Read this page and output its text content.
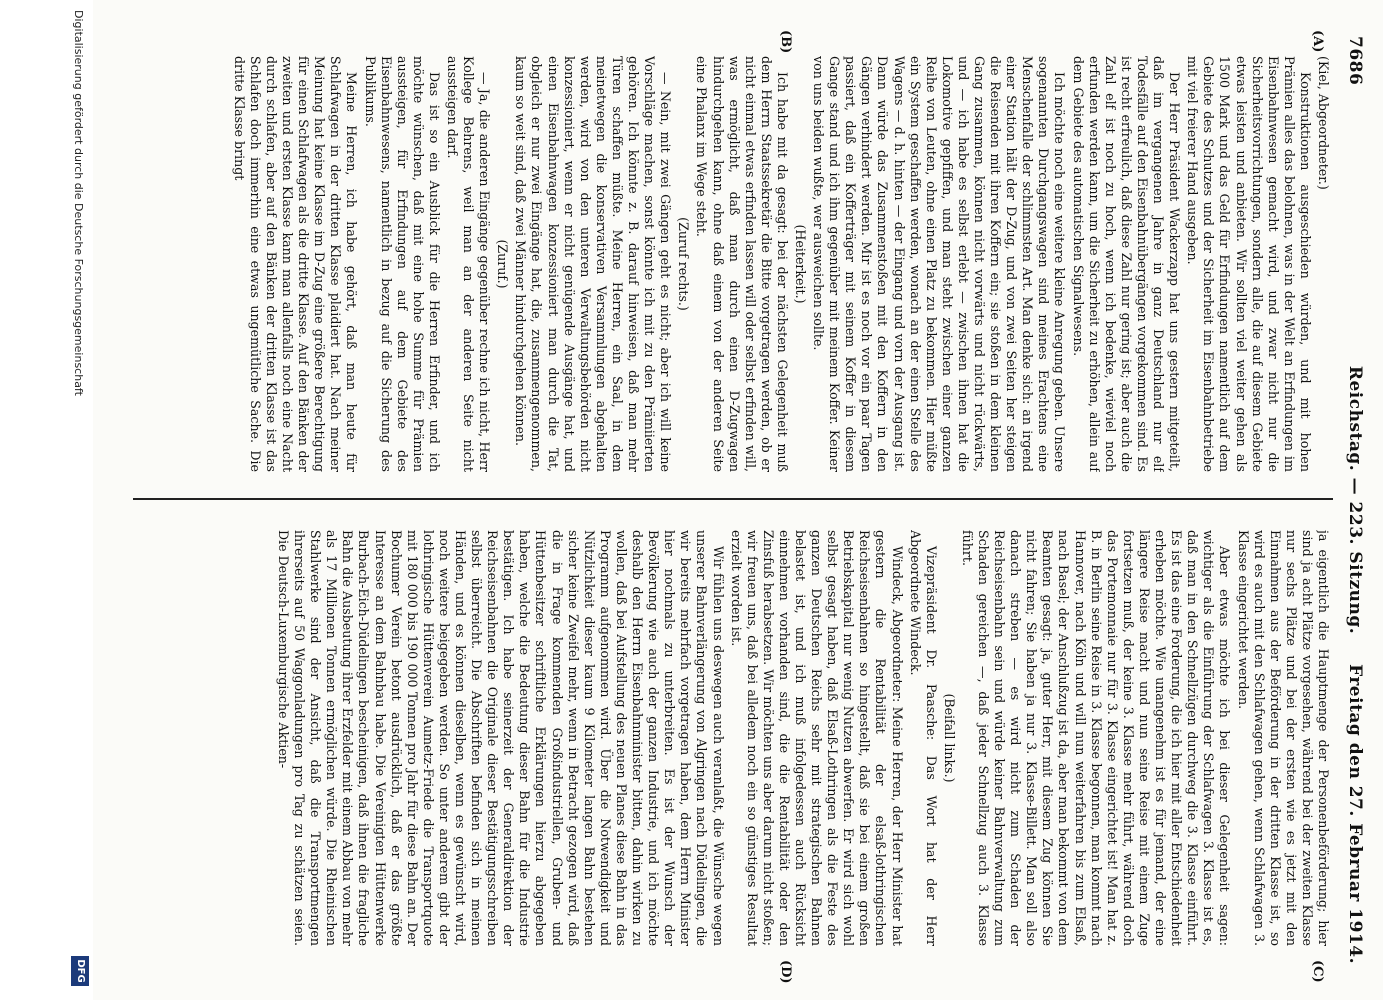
7686
Reichstag. — 223. Sitzung.
Freitag den 27. Februar 1914.
(A)
(B)
(C)
(D)

(Kiel, Abgeordneter.)

Konstruktionen ausgeschieden würden, und mit hohen Prämien alles das belohnen, was in der Welt an Erfindungen im Eisenbahnwesen gemacht wird, und zwar nicht nur die Sicherheitsvorrichtungen, sondern alle, die auf diesem Gebiete etwas leisten und anbieten. Wir sollten viel weiter gehen als 1500 Mark und das Geld für Erfindungen namentlich auf dem Gebiete des Schutzes und der Sicherheit im Eisenbahnbetriebe mit viel freierer Hand ausgeben.

Der Herr Präsident Wackerzapp hat uns gestern mitgeteilt, daß im vergangenen Jahre in ganz Deutschland nur elf Todesfälle auf den Eisenbahnübergängen vorgekommen sind. Es ist recht erfreulich, daß diese Zahl nur gering ist; aber auch die Zahl elf ist noch zu hoch, wenn ich bedenke, wieviel noch erfunden werden kann, um die Sicherheit zu erhöhen, allein auf dem Gebiete des automatischen Signalwesens.

Ich möchte noch eine weitere kleine Anregung geben. Unsere sogenannten Durchgangswagen sind meines Erachtens eine Menschenfalle der schlimmsten Art. Man denke sich: an irgend einer Station hält der D-Zug, und von zwei Seiten her steigen die Reisenden mit ihren Koffern ein; sie stoßen in dem kleinen Gang zusammen, können nicht vorwärts und nicht rückwärts, und — ich habe es selbst erlebt — zwischen ihnen hat die Lokomotive gepfiffen, und man steht zwischen einer ganzen Reihe von Leuten, ohne einen Platz zu bekommen. Hier müßte ein System geschaffen werden, wonach an der einen Stelle des Wagens — d. h. hinten — der Eingang und vorn der Ausgang ist. Dann würde das Zusammenstoßen mit den Koffern in den Gängen verhindert werden. Mir ist es noch vor ein paar Tagen passiert, daß ein Kofferträger mit seinem Koffer in diesem Gange stand und ich ihm gegenüber mit meinem Koffer. Keiner von uns beiden wußte, wer ausweichen sollte.

(Heiterkeit.)

Ich habe mit da gesagt: bei der nächsten Gelegenheit muß dem Herrn Staatssekretär die Bitte vorgetragen werden, ob er nicht einmal etwas erfinden lassen will oder selbst erfinden will, was ermöglicht, daß man durch einen D-Zugwagen hindurchgehen kann, ohne daß einem von der anderen Seite eine Phalanx im Wege steht.

(Zuruf rechts.)

— Nein, mit zwei Gängen geht es nicht; aber ich will keine Vorschläge machen, sonst könnte ich mit zu den Prämiierten gehören. Ich könnte z. B. darauf hinweisen, daß man mehr Türen schaffen müßte. Meine Herren, ein Saal, in dem meinetwegen die konservativen Versammlungen abgehalten werden, wird von den unteren Verwaltungsbehörden nicht konzessioniert, wenn er nicht genügende Ausgänge hat, und einen Eisenbahnwagen konzessioniert man durch die Tat, obgleich er nur zwei Eingänge hat, die, zusammengenommen, kaum so weit sind, daß zwei Männer hindurchgehen können.

(Zuruf.)

— Ja, die anderen Eingänge gegenüber rechne ich nicht, Herr Kollege Behrens, weil man an der anderen Seite nicht aussteigen darf.

Das ist so ein Ausblick für die Herren Erfinder, und ich möchte wünschen, daß mit eine hohe Summe für Prämien aussteigen, für Erfindungen auf dem Gebiete des Eisenbahnwesens, namentlich in bezug auf die Sicherung des Publikums.

Meine Herren, ich habe gehört, daß man heute für Schlafwagen in der dritten Klasse plaidiert hat. Nach meiner Meinung hat keine Klasse im D-Zug eine größere Berechtigung für einen Schlafwagen als die dritte Klasse. Auf den Bänken der zweiten und ersten Klasse kann man allenfalls noch eine Nacht durch schlafen, aber auf den Bänken der dritten Klasse ist das Schlafen doch immerhin eine etwas ungemütliche Sache. Die dritte Klasse bringt

ja eigentlich die Hauptmenge der Personenbeförderung; hier sind ja acht Plätze vorgesehen, während bei der zweiten Klasse nur sechs Plätze und bei der ersten wie es jetzt mit den Einnahmen aus der Beförderung in der dritten Klasse ist, so wird es auch mit den Schlafwagen gehen, wenn Schlafwagen 3. Klasse eingerichtet werden.

Aber etwas möchte ich bei dieser Gelegenheit sagen: wichtiger als die Einführung der Schlafwagen 3. Klasse ist es, daß man in den Schnellzügen durchweg die 3. Klasse einführt. Es ist das eine Forderung, die ich hier mit aller Entschiedenheit erheben möchte. Wie unangenehm ist es für jemand, der eine längere Reise macht und nun seine Reise mit einem Zuge fortsetzen muß, der keine 3. Klasse mehr führt, während doch das Portemonnaie nur für 3. Klasse eingerichtet ist! Man hat z. B. in Berlin seine Reise in 3. Klasse begonnen, man kommt nach Hannover, nach Köln und will nun weiterfahren bis zum Elsaß, nach Basel; der Anschlußzug ist da, aber man bekommt von dem Beamten gesagt: ja, guter Herr, mit diesem Zug können Sie nicht fahren; Sie haben ja nur 3. Klasse-Billett. Man soll also danach streben — es wird nicht zum Schaden der Reichseisenbahn sein und würde keiner Bahnverwaltung zum Schaden gereichen —, daß jeder Schnellzug auch 3. Klasse führt.

(Beifall links.)

Vizepräsident Dr. Paasche: Das Wort hat der Herr Abgeordnete Windeck.

Windeck, Abgeordneter: Meine Herren, der Herr Minister hat gestern die Rentabilität der elsaß-lothringischen Reichseisenbahnen so hingestellt, daß sie bei einem großen Betriebskapital nur wenig Nutzen abwerfen. Er wird sich wohl selbst gesagt haben, daß Elsaß-Lothringen als die Feste des ganzen Deutschen Reichs sehr mit strategischen Bahnen belastet ist, und ich muß infolgedessen auch Rücksicht einnehmen vorhanden sind, die die Rentabilität oder den Zinsfuß herabsetzen. Wir möchten uns aber darum nicht stoßen; wir freuen uns, daß bei alledem noch ein so günstiges Resultat erzielt worden ist.

Wir fühlen uns deswegen auch veranlaßt, die Wünsche wegen unserer Bahnverlängerung von Algringen nach Düdelingen, die wir bereits mehrfach vorgetragen haben, dem Herrn Minister hier nochmals zu unterbreiten. Es ist der Wunsch der Bevölkerung wie auch der ganzen Industrie, und ich möchte deshalb den Herrn Eisenbahnminister bitten, dahin wirken zu wollen, daß bei Aufstellung des neuen Planes diese Bahn in das Programm aufgenommen wird. Über die Notwendigkeit und Nützlichkeit dieser kaum 9 Kilometer langen Bahn bestehen sicher keine Zweifel mehr, wenn in Betracht gezogen wird, daß die in Frage kommenden Großindustriellen, Gruben- und Hüttenbesitzer schriftliche Erklärungen hierzu abgegeben haben, welche die Bedeutung dieser Bahn für die Industrie bestätigen. Ich habe seinerzeit der Generaldirektion der Reichseisenbahnen die Originale dieser Bestätigungsschreiben selbst überreicht. Die Abschriften befinden sich in meinen Händen, und es können dieselben, wenn es gewünscht wird, noch weitere beigegeben werden. So unter anderem gibt der lothringische Hüttenverein Aumetz-Friede die Transportquote mit 180 000 bis 190 000 Tonnen pro Jahr für diese Bahn an. Der Bochumer Verein betont ausdrücklich, daß er das größte Interesse an dem Bahnbau habe. Die Vereinigten Hüttenwerke Burbach-Eich-Düdelingen bescheinigen, daß ihnen die fragliche Bahn die Ausbeutung ihrer Erzfelder mit einem Abbau von mehr als 17 Millionen Tonnen ermöglichen würde. Die Rheinischen Stahlwerke sind der Ansicht, daß die Transportmengen ihrerseits auf 50 Waggonladungen pro Tag zu schätzen seien. Die Deutsch-Luxemburgische Aktien-

Digitalisierung gefördert durch die Deutsche Forschungsgemeinschaft
DFG
